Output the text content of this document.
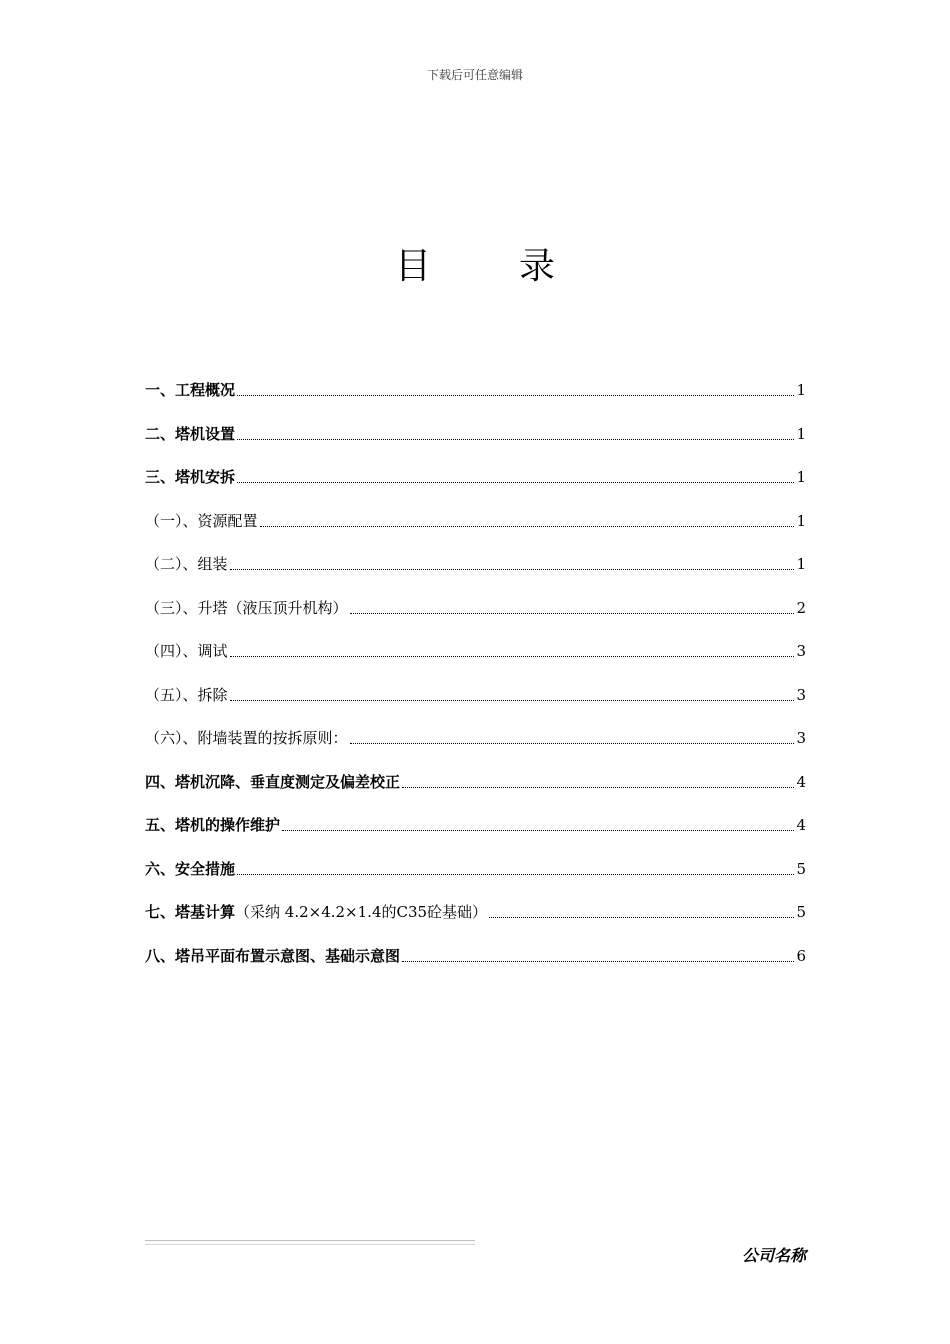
下载后可任意编辑
目 录
一、工程概况	1
二、塔机设置	1
三、塔机安拆	1
（一）、资源配置	1
（二）、组装	1
（三）、升塔（液压顶升机构）	2
（四）、调试	3
（五）、拆除	3
（六）、附墙装置的按拆原则：	3
四、塔机沉降、垂直度测定及偏差校正	4
五、塔机的操作维护	4
六、安全措施	5
七、塔基计算（采纳 4.2×4.2×1.4的C35砼基础）	5
八、塔吊平面布置示意图、基础示意图	6
公司名称
